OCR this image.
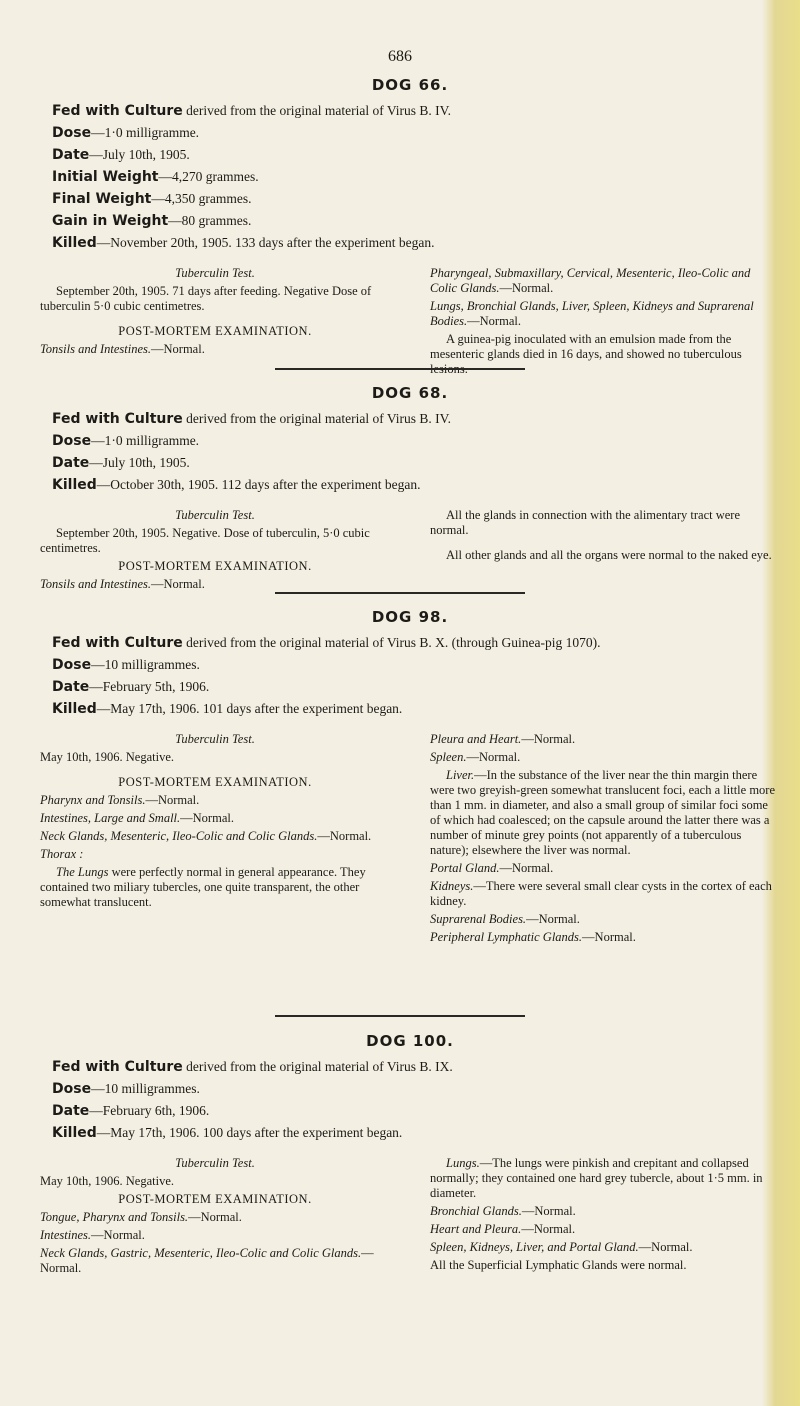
686
DOG 66.
Fed with Culture derived from the original material of Virus B. IV.
Dose—1·0 milligramme.
Date—July 10th, 1905.
Initial Weight—4,270 grammes.
Final Weight—4,350 grammes.
Gain in Weight—80 grammes.
Killed—November 20th, 1905. 133 days after the experiment began.

Tuberculin Test.

September 20th, 1905. 71 days after feeding. Negative Dose of tuberculin 5·0 cubic centimetres.

POST-MORTEM EXAMINATION.

Tonsils and Intestines.—Normal.

Pharyngeal, Submaxillary, Cervical, Mesenteric, Ileo-Colic and Colic Glands.—Normal.

Lungs, Bronchial Glands, Liver, Spleen, Kidneys and Suprarenal Bodies.—Normal.

A guinea-pig inoculated with an emulsion made from the mesenteric glands died in 16 days, and showed no tuberculous

DOG 68.
Fed with Culture derived from the original material of Virus B. IV.
Dose—1·0 milligramme.
Date—July 10th, 1905.
Killed—October 30th, 1905. 112 days after the experiment began.

Tuberculin Test.

September 20th, 1905. Negative. Dose of tuberculin, 5·0 cubic centimetres.

POST-MORTEM EXAMINATION.

Tonsils and Intestines.—Normal.

All the glands in connection with the alimentary tract were normal.

All other glands and all the organs were normal to the naked eye.

DOG 98.
Fed with Culture derived from the original material of Virus B. X. (through Guinea-pig 1070).
Dose—10 milligrammes.
Date—February 5th, 1906.
Killed—May 17th, 1906. 101 days after the experiment began.

Tuberculin Test.

May 10th, 1906. Negative.

POST-MORTEM EXAMINATION.

Pharynx and Tonsils.—Normal.

Intestines, Large and Small.—Normal.

Neck Glands, Mesenteric, Ileo-Colic and Colic Glands.—Normal.

Thorax :

The Lungs were perfectly normal in general appearance. They contained two miliary tubercles, one quite transparent, the other somewhat translucent.

Pleura and Heart.—Normal.

Spleen.—Normal.

Liver.—In the substance of the liver near the thin margin there were two greyish-green somewhat translucent foci, each a little more than 1 mm. in diameter, and also a small group of similar foci some of which had coalesced; on the capsule around the latter there was a number of minute grey points (not apparently of a tuberculous nature); elsewhere the liver was normal.

Portal Gland.—Normal.

Kidneys.—There were several small clear cysts in the cortex of each kidney.

Suprarenal Bodies.—Normal.

Peripheral Lymphatic Glands.—Normal.

DOG 100.
Fed with Culture derived from the original material of Virus B. IX.
Dose—10 milligrammes.
Date—February 6th, 1906.
Killed—May 17th, 1906. 100 days after the experiment began.

Tuberculin Test.

May 10th, 1906. Negative.

POST-MORTEM EXAMINATION.

Tongue, Pharynx and Tonsils.—Normal.

Intestines.—Normal.

Neck Glands, Gastric, Mesenteric, Ileo-Colic and Colic Glands.—Normal.

Lungs.—The lungs were pinkish and crepitant and collapsed normally; they contained one hard grey tubercle, about 1·5 mm. in diameter.

Bronchial Glands.—Normal.

Heart and Pleura.—Normal.

Spleen, Kidneys, Liver, and Portal Gland.—Normal.

All the Superficial Lymphatic Glands were normal.
